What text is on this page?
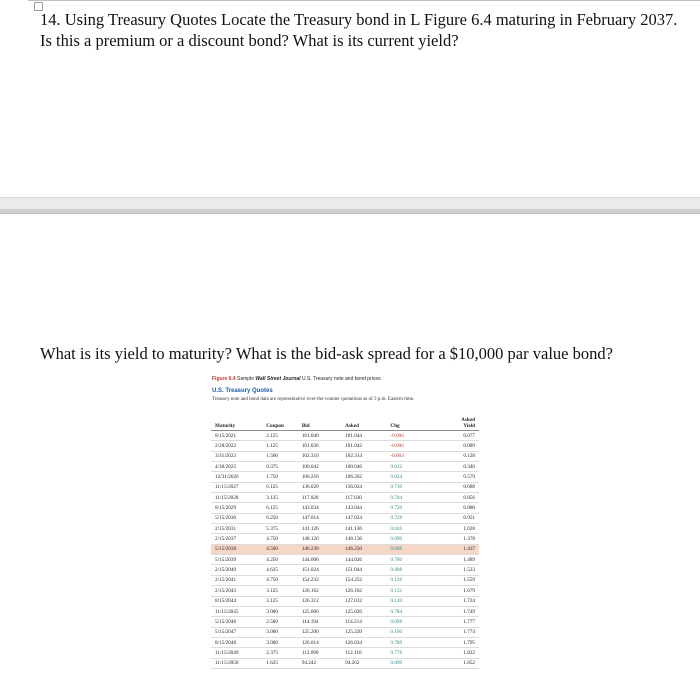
14. Using Treasury Quotes Locate the Treasury bond in L Figure 6.4 maturing in February 2037.
Is this a premium or a discount bond? What is its current yield?
What is its yield to maturity? What is the bid-ask spread for a $10,000 par value bond?
Figure 6.4 Sample Wall Street Journal U.S. Treasury note and bond prices
U.S. Treasury Quotes
Treasury note and bond data are representative over-the-counter quotations as of 3 p.m. Eastern time.
Maturity	Coupon	Bid	Asked	Chg	Asked
Yield

8/15/2021	2.125	101.040	101.044	-0.006	0.077
2/28/2022	1.125	101.036	101.042	-0.006	0.089
3/31/2023	1.500	102.310	102.314	-0.004	0.128
4/30/2025	0.375	100.042	100.046	0.012	0.340
12/31/2026	1.750	106.256	106.262	0.024	0.579
11/15/2027	6.125	136.020	136.024	0.710	0.688
11/15/2028	3.125	117.020	117.030	0.704	0.856
8/15/2029	6.125	143.034	143.044	0.720	0.880
5/15/2030	6.250	147.014	147.024	0.728	0.951
2/15/2031	5.375	141.126	141.136	0.026	1.028
2/15/2037	4.750	148.126	148.136	0.090	1.378
5/15/2038	4.500	146.230	146.250	0.098	1.437
5/15/2039	4.250	144.006	144.026	0.780	1.489
2/15/2040	4.625	151.024	151.044	0.808	1.523
2/15/2041	4.750	154.232	154.252	0.126	1.559
2/15/2043	3.125	126.162	126.182	0.112	1.679
8/15/2044	3.125	126.312	127.012	0.120	1.724
11/15/2045	3.000	125.006	125.026	0.784	1.749
5/15/2046	2.500	114.194	114.214	0.098	1.777
5/15/2047	3.000	125.200	125.220	0.100	1.774
8/15/2048	3.000	126.014	126.034	0.789	1.795
11/15/2049	2.375	112.090	112.110	0.778	1.822
11/15/2050	1.625	94.242	94.262	0.090	1.852
